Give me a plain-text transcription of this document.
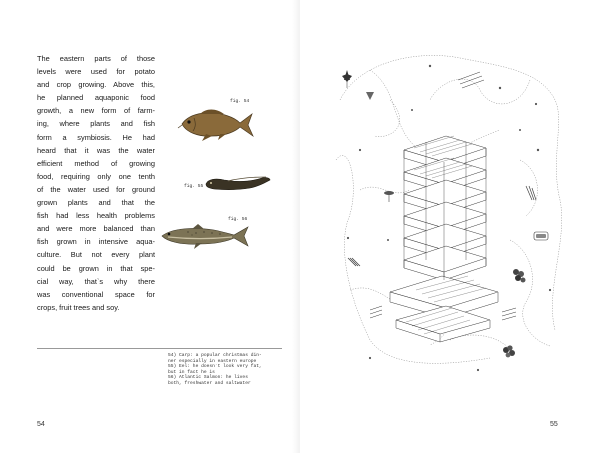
The eastern parts of those
levels were used for potato
and crop growing. Above this,
he planned aquaponic food
growth, a new form of farm-
ing, where plants and fish
form a symbiosis. He had
heard that it was the water
efficient method of growing
food, requiring only one tenth
of the water used for ground
grown plants and that the
fish had less health problems
and were more balanced than
fish grown in intensive aqua-
culture. But not every plant
could be grown in that spe-
cial way, that`s why there
was conventional space for
crops, fruit trees and soy.
fig. 54
fig. 55
fig. 56
54) Carp: a popular christmas din-
ner especially in eastern europe
55) Eel: he doesn`t look very fat,
but in fact he is
56) Atlantic Salmon: he lives
both, freshwater and saltwater
54	55
